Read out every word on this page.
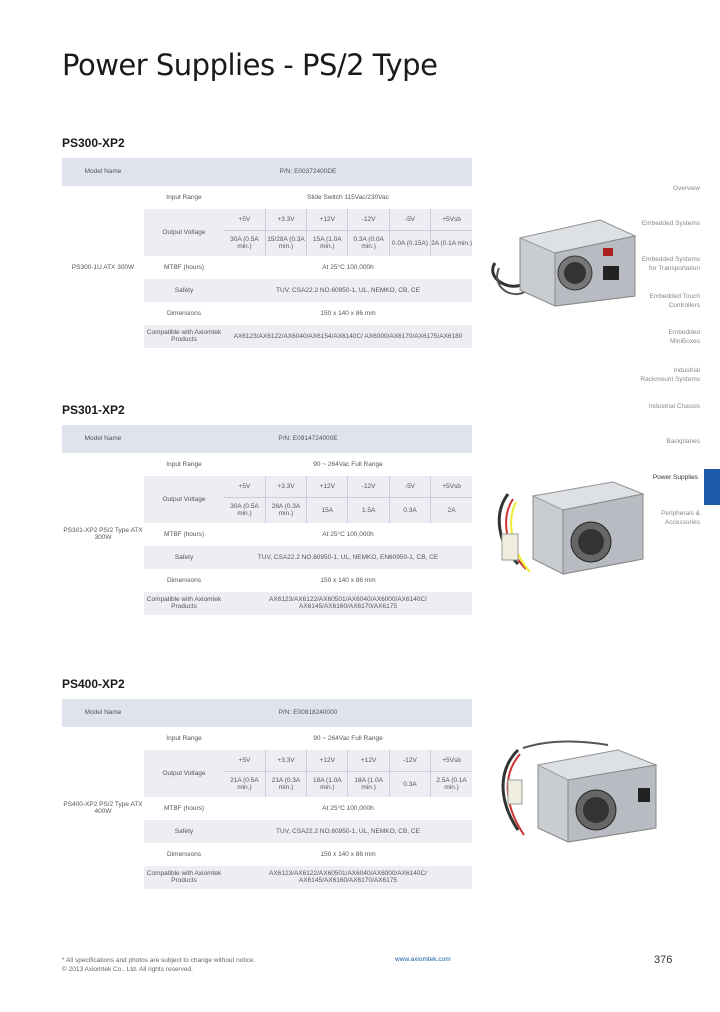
Power Supplies - PS/2 Type
Overview
Embedded Systems
Embedded Systems for Transportation
Embedded Touch Controllers
Embedded MiniBoxes
Industrial Rackmount Systems
Industrial Chassis
Backplanes
Power Supplies
Peripherals & Accessories
PS300-XP2
Model Name	P/N: E00372400DE						
PS300-1U ATX 300W	Input Range	Slide Switch 115Vac/230Vac					
	Output Voltage	+5V	+3.3V	+12V	-12V	-5V	+5Vsb
		30A (0.5A min.)	15/28A (0.3A min.)	15A (1.0A min.)	0.3A (0.0A min.)	0.0A (0.15A)	2A (0.1A min.)
	MTBF (hours)	At 25°C 100,000h					
	Safety	TUV, CSA22.2 NO.60950-1, UL, NEMKO, CB, CE					
	Dimensions	150 x 140 x 86 mm					
	Compatible with Axiomtek Products	AX6123/AX6122/AX6040/AX6154/AX6140C/ AX6000/AX6170/AX6175/AX6180					
PS301-XP2
Model Name	P/N: E0914724000E						
PS301-XP2 PS/2 Type ATX 300W	Input Range	90 ~ 264Vac Full Range					
	Output Voltage	+5V	+3.3V	+12V	-12V	-5V	+5Vsb
		30A (0.5A min.)	28A (0.3A min.)	15A	1.5A	0.3A	2A
	MTBF (hours)	At 25°C 100,000h					
	Safety	TUV, CSA22.2 NO.60950-1, UL, NEMKO, EN60950-1, CB, CE					
	Dimensions	150 x 140 x 86 mm					
	Compatible with Axiomtek Products	AX6123/AX6122/AX60501/AX6040/AX6000/AX6140C/ AX6145/AX6160/AX6170/AX6175					
PS400-XP2
Model Name	P/N: E00818240000						
PS400-XP2 PS/2 Type ATX 400W	Input Range	90 ~ 264Vac Full Range					
	Output Voltage	+5V	+3.3V	+12V	+12V	-12V	+5Vsb
		21A (0.5A min.)	21A (0.3A min.)	18A (1.0A min.)	18A (1.0A min.)	0.3A	2.5A (0.1A min.)
	MTBF (hours)	At 25°C 100,000h					
	Safety	TUV, CSA22.2 NO.60950-1, UL, NEMKO, CB, CE					
	Dimensions	150 x 140 x 86 mm					
	Compatible with Axiomtek Products	AX6123/AX6122/AX60501/AX6040/AX6000/AX6140C/ AX6145/AX6160/AX6170/AX6175					
* All specifications and photos are subject to change without notice.
© 2013 Axiomtek Co., Ltd. All rights reserved.
www.axiomtek.com	376
